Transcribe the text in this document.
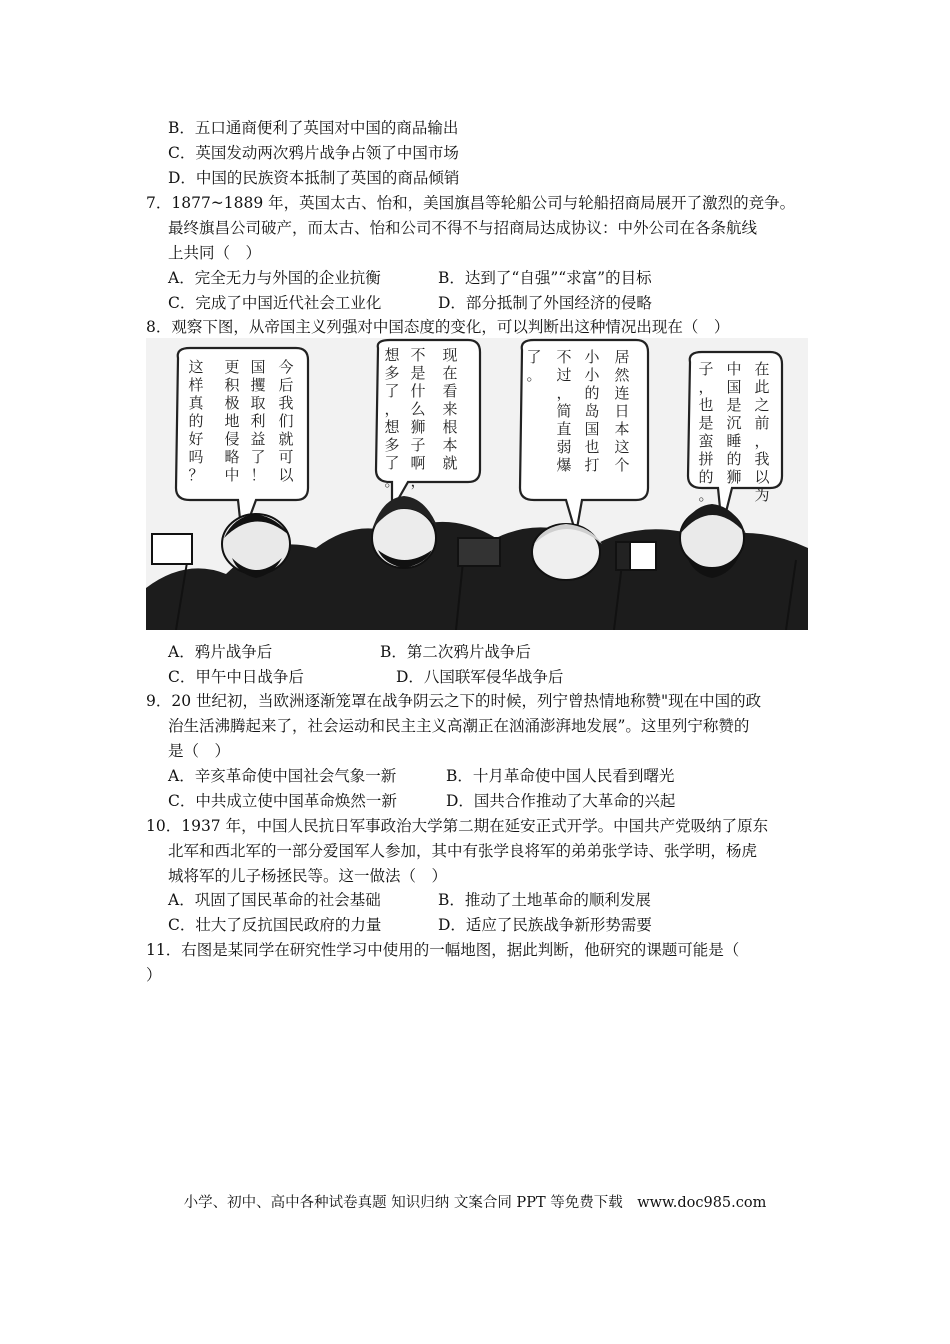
B．五口通商便利了英国对中国的商品输出
C．英国发动两次鸦片战争占领了中国市场
D．中国的民族资本抵制了英国的商品倾销
7．1877~1889 年，英国太古、怡和，美国旗昌等轮船公司与轮船招商局展开了激烈的竞争。
最终旗昌公司破产，而太古、怡和公司不得不与招商局达成协议：中外公司在各条航线
上共同（　）
A．完全无力与外国的企业抗衡	B．达到了“自强”“求富”的目标
C．完成了中国近代社会工业化	D．部分抵制了外国经济的侵略
8．观察下图，从帝国主义列强对中国态度的变化，可以判断出这种情况出现在（　）
这
样
真
的
好
吗
？
更
积
极
地
侵
略
中
国
攫
取
利
益
了
！
今
后
我
们
就
可
以
想
多
了
，
想
多
了
。
不
是
什
么
狮
子
啊
，
现
在
看
来
根
本
就
了
。
不
过
，
简
直
弱
爆
小
小
的
岛
国
也
打
居
然
连
日
本
这
个
子
，
也
是
蛮
拼
的
。
中
国
是
沉
睡
的
狮
在
此
之
前
，
我
以
为
A．鸦片战争后	B．第二次鸦片战争后
C．甲午中日战争后	D．八国联军侵华战争后
9．20 世纪初，当欧洲逐渐笼罩在战争阴云之下的时候，列宁曾热情地称赞"现在中国的政
治生活沸腾起来了，社会运动和民主主义高潮正在汹涌澎湃地发展”。这里列宁称赞的
是（　）
A．辛亥革命使中国社会气象一新	B．十月革命使中国人民看到曙光
C．中共成立使中国革命焕然一新	D．国共合作推动了大革命的兴起
10．1937 年，中国人民抗日军事政治大学第二期在延安正式开学。中国共产党吸纳了原东
北军和西北军的一部分爱国军人参加，其中有张学良将军的弟弟张学诗、张学明，杨虎
城将军的儿子杨拯民等。这一做法（　）
A．巩固了国民革命的社会基础	B．推动了土地革命的顺利发展
C．壮大了反抗国民政府的力量	D．适应了民族战争新形势需要
11．右图是某同学在研究性学习中使用的一幅地图，据此判断，他研究的课题可能是（
）
小学、初中、高中各种试卷真题 知识归纳 文案合同 PPT 等免费下载　www.doc985.com
